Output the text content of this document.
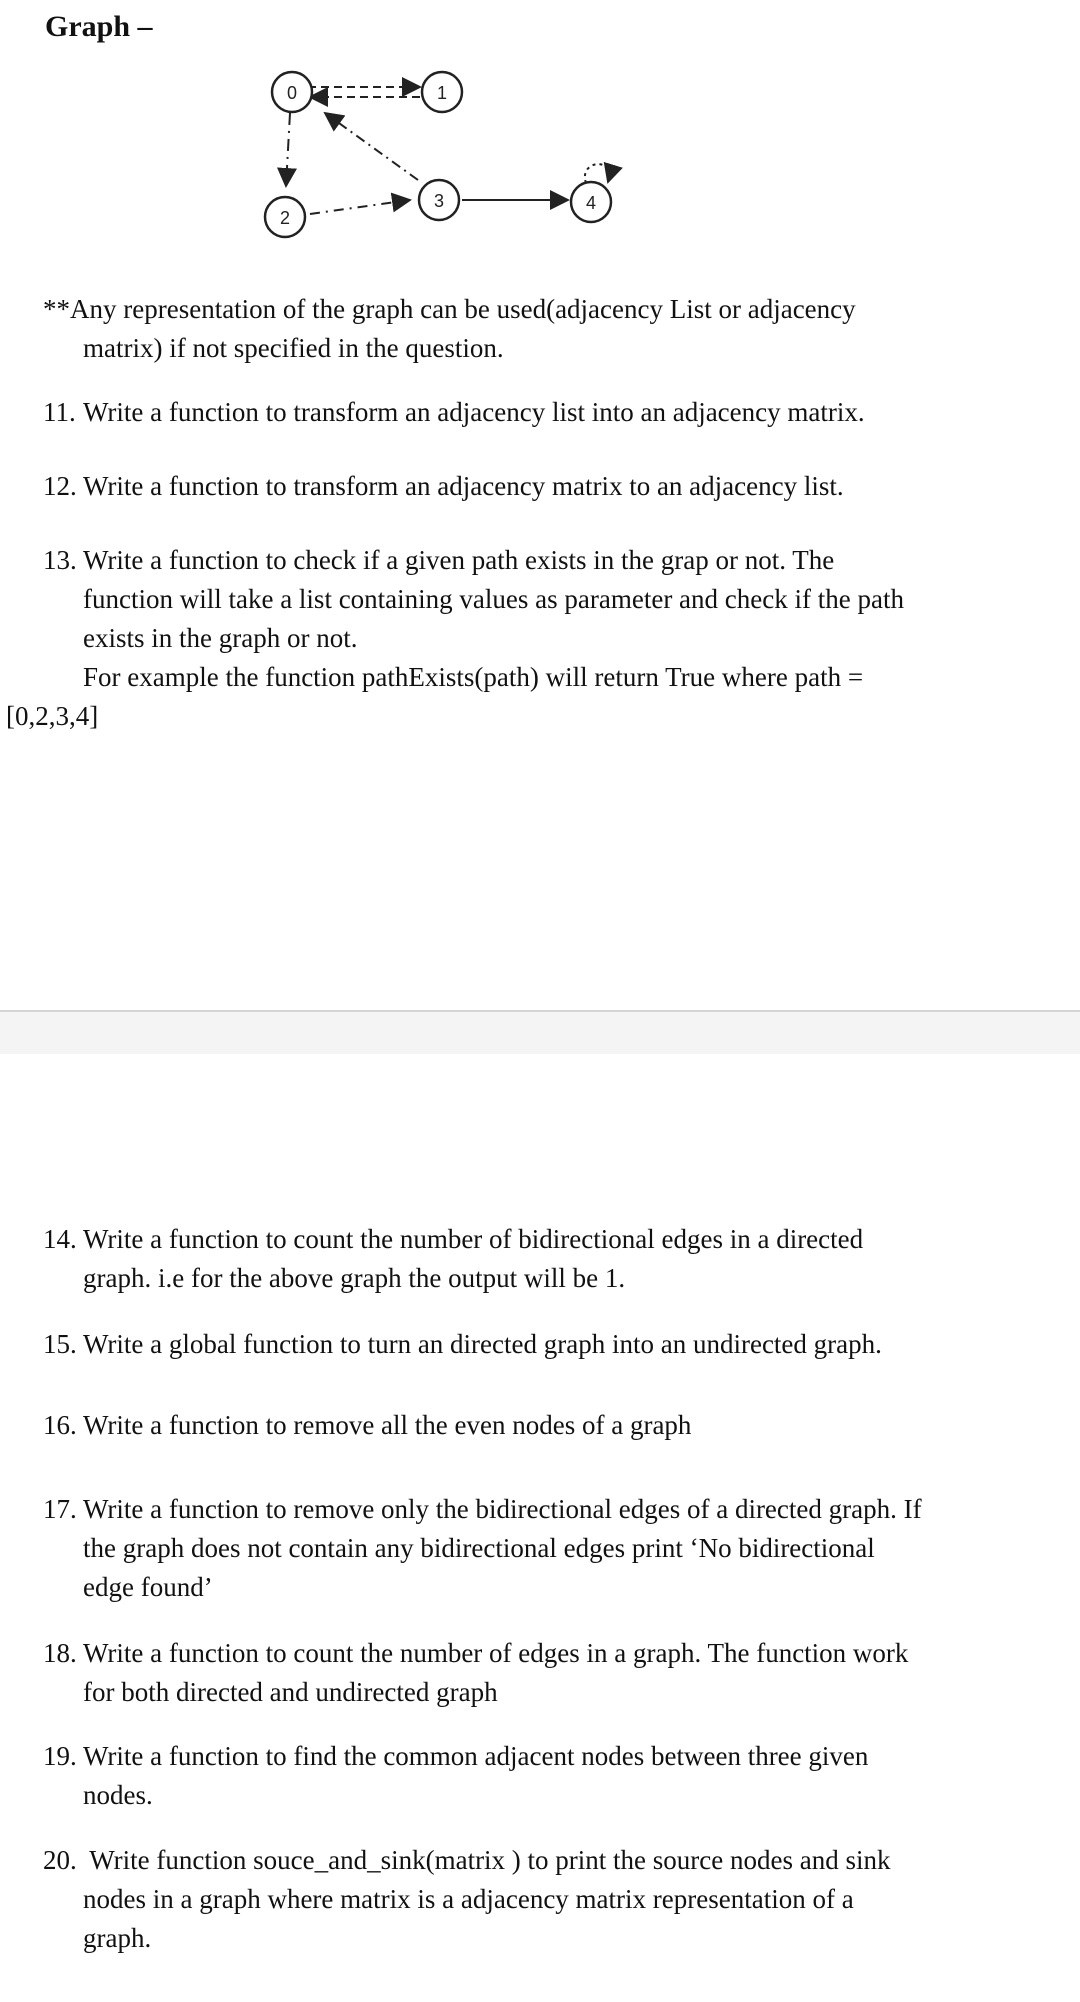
Graph –
0	1
2
3	4
**Any representation of the graph can be used(adjacency List or adjacency
matrix) if not specified in the question.
11. Write a function to transform an adjacency list into an adjacency matrix.
12. Write a function to transform an adjacency matrix to an adjacency list.
13. Write a function to check if a given path exists in the grap or not. The
function will take a list containing values as parameter and check if the path
exists in the graph or not.
For example the function pathExists(path) will return True where path =
[0,2,3,4]
14. Write a function to count the number of bidirectional edges in a directed
graph. i.e for the above graph the output will be 1.
15. Write a global function to turn an directed graph into an undirected graph.
16. Write a function to remove all the even nodes of a graph
17. Write a function to remove only the bidirectional edges of a directed graph. If
the graph does not contain any bidirectional edges print ‘No bidirectional
edge found’
18. Write a function to count the number of edges in a graph. The function work
for both directed and undirected graph
19. Write a function to find the common adjacent nodes between three given
nodes.
20. Write function souce_and_sink(matrix ) to print the source nodes and sink
nodes in a graph where matrix is a adjacency matrix representation of a
graph.
